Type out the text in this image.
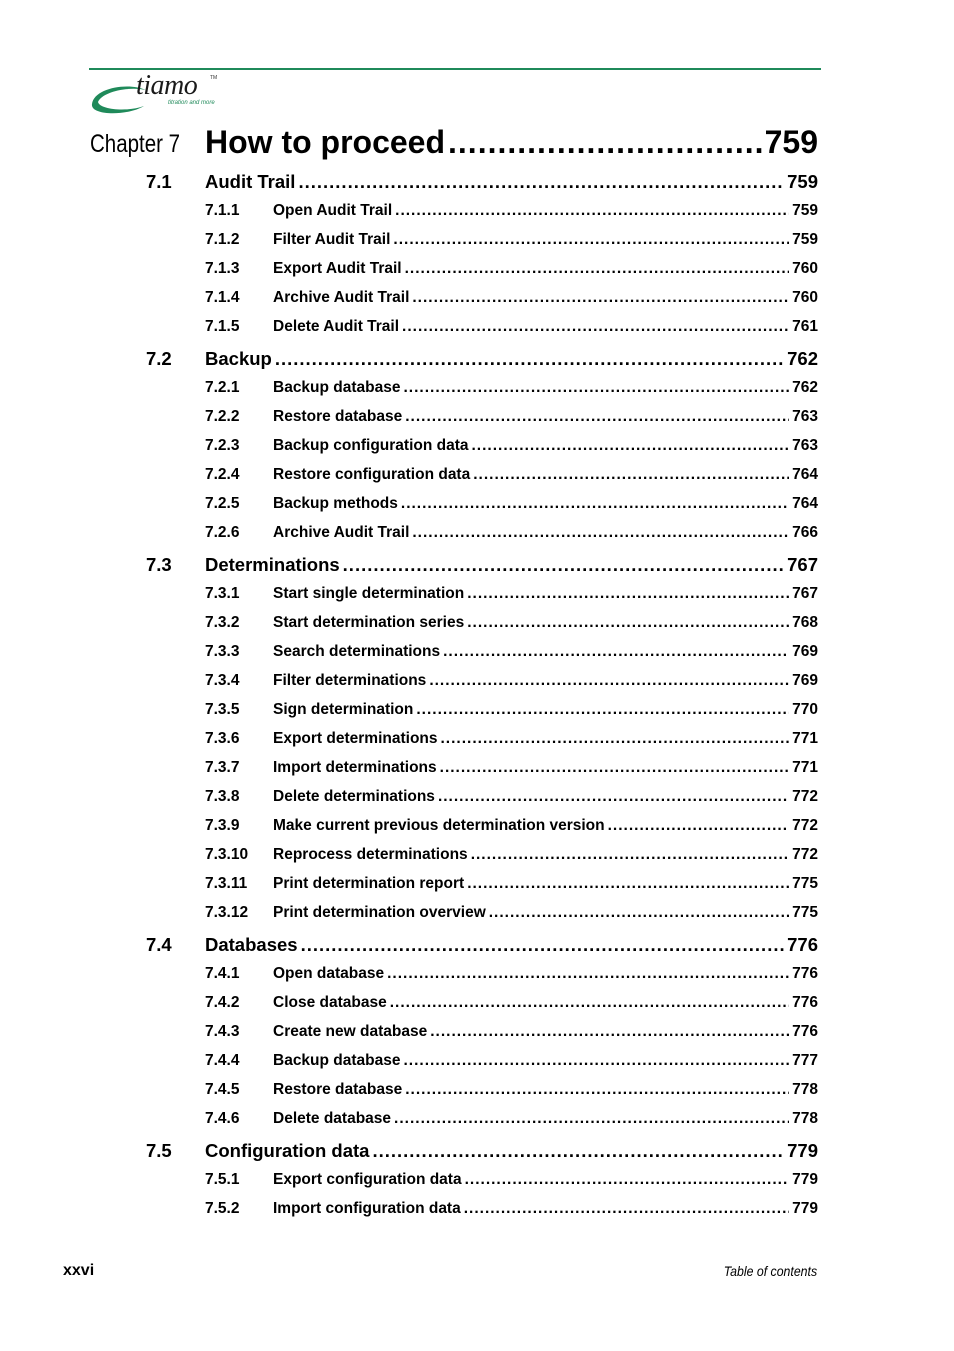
tiamo	TM
titration and more
Chapter 7 How to proceed .....	759
7.1	Audit Trail .....	759
7.1.1	Open Audit Trail .....	759
7.1.2	Filter Audit Trail .....	759
7.1.3	Export Audit Trail .....	760
7.1.4	Archive Audit Trail .....	760
7.1.5	Delete Audit Trail .....	761
7.2	Backup .....	762
7.2.1	Backup database .....	762
7.2.2	Restore database .....	763
7.2.3	Backup configuration data .....	763
7.2.4	Restore configuration data .....	764
7.2.5	Backup methods .....	764
7.2.6	Archive Audit Trail .....	766
7.3	Determinations .....	767
7.3.1	Start single determination .....	767
7.3.2	Start determination series .....	768
7.3.3	Search determinations .....	769
7.3.4	Filter determinations .....	769
7.3.5	Sign determination .....	770
7.3.6	Export determinations .....	771
7.3.7	Import determinations .....	771
7.3.8	Delete determinations .....	772
7.3.9	Make current previous determination version .....	772
7.3.10	Reprocess determinations .....	772
7.3.11	Print determination report .....	775
7.3.12	Print determination overview .....	775
7.4	Databases .....	776
7.4.1	Open database .....	776
7.4.2	Close database .....	776
7.4.3	Create new database .....	776
7.4.4	Backup database .....	777
7.4.5	Restore database .....	778
7.4.6	Delete database .....	778
7.5	Configuration data .....	779
7.5.1	Export configuration data .....	779
7.5.2	Import configuration data .....	779
xxvi	Table of contents
